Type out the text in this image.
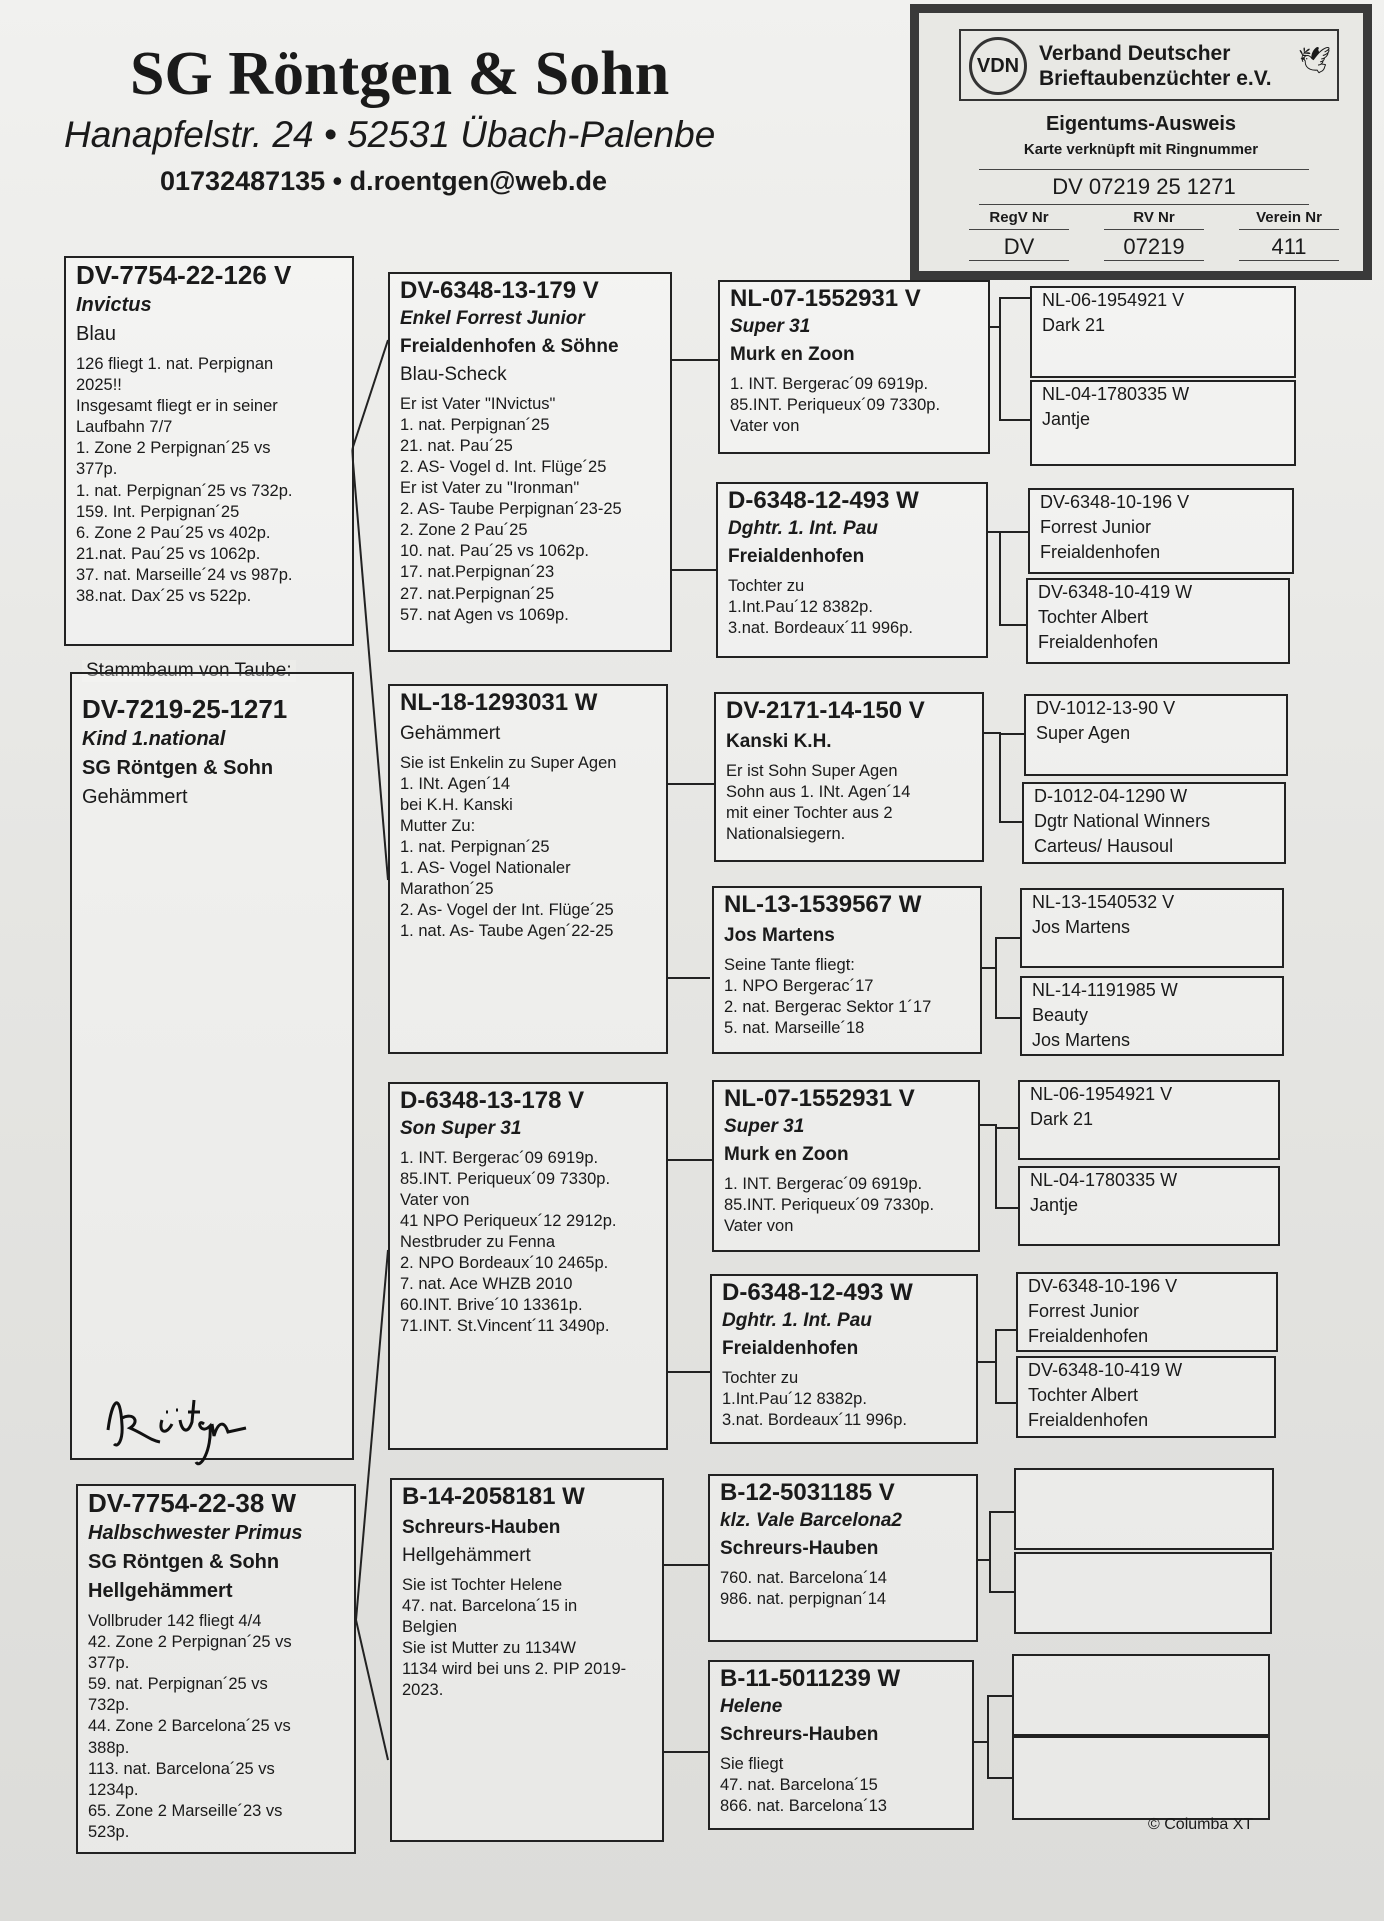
SG Röntgen & Sohn
Hanapfelstr. 24 • 52531 Übach-Palenbe
01732487135 • d.roentgen@web.de
VDN
Verband Deutscher
Brieftaubenzüchter e.V.
🕊
Eigentums-Ausweis
Karte verknüpft mit Ringnummer
DV 07219 25 1271
RegV Nr
DV
RV Nr
07219
Verein Nr
411
DV-7754-22-126 V
Invictus
Blau
126 fliegt 1. nat. Perpignan
2025!!
Insgesamt fliegt er in seiner
Laufbahn 7/7
1. Zone 2 Perpignan´25 vs
377p.
1. nat. Perpignan´25 vs 732p.
159. Int. Perpignan´25
6. Zone 2 Pau´25 vs 402p.
21.nat. Pau´25 vs 1062p.
37. nat. Marseille´24 vs 987p.
38.nat. Dax´25 vs 522p.
Stammbaum von Taube:
DV-7219-25-1271
Kind 1.national
SG Röntgen & Sohn
Gehämmert
DV-7754-22-38 W
Halbschwester Primus
SG Röntgen & Sohn
Hellgehämmert
Vollbruder 142 fliegt 4/4
42. Zone 2 Perpignan´25 vs
377p.
59. nat. Perpignan´25 vs
732p.
44. Zone 2 Barcelona´25 vs
388p.
113. nat. Barcelona´25 vs
1234p.
65. Zone 2 Marseille´23 vs
523p.
DV-6348-13-179 V
Enkel Forrest Junior
Freialdenhofen & Söhne
Blau-Scheck
Er ist Vater "INvictus"
1. nat. Perpignan´25
21. nat. Pau´25
2. AS- Vogel d. Int. Flüge´25
Er ist Vater zu "Ironman"
2. AS- Taube Perpignan´23-25
2. Zone 2 Pau´25
10. nat. Pau´25 vs 1062p.
17. nat.Perpignan´23
27. nat.Perpignan´25
57. nat Agen vs 1069p.
NL-18-1293031 W
Gehämmert
Sie ist Enkelin zu Super Agen
1. INt. Agen´14
bei K.H. Kanski
Mutter Zu:
1. nat. Perpignan´25
1. AS- Vogel Nationaler
Marathon´25
2. As- Vogel der Int. Flüge´25
1. nat. As- Taube Agen´22-25
D-6348-13-178 V
Son Super 31
1. INT. Bergerac´09 6919p.
85.INT. Periqueux´09 7330p.
Vater von
41 NPO Periqueux´12 2912p.
Nestbruder zu Fenna
2. NPO Bordeaux´10 2465p.
7. nat. Ace WHZB 2010
60.INT. Brive´10 13361p.
71.INT. St.Vincent´11 3490p.
B-14-2058181 W
Schreurs-Hauben
Hellgehämmert
Sie ist Tochter Helene
47. nat. Barcelona´15 in
Belgien
Sie ist Mutter zu 1134W
1134 wird bei uns 2. PIP 2019-
2023.
NL-07-1552931 V
Super 31
Murk en Zoon
1. INT. Bergerac´09 6919p.
85.INT. Periqueux´09 7330p.
Vater von
D-6348-12-493 W
Dghtr. 1. Int. Pau
Freialdenhofen
Tochter zu
1.Int.Pau´12 8382p.
3.nat. Bordeaux´11 996p.
DV-2171-14-150 V
Kanski K.H.
Er ist Sohn Super Agen
Sohn aus 1. INt. Agen´14
mit einer Tochter aus 2
Nationalsiegern.
NL-13-1539567 W
Jos Martens
Seine Tante fliegt:
1. NPO Bergerac´17
2. nat. Bergerac Sektor 1´17
5. nat. Marseille´18
NL-07-1552931 V
Super 31
Murk en Zoon
1. INT. Bergerac´09 6919p.
85.INT. Periqueux´09 7330p.
Vater von
D-6348-12-493 W
Dghtr. 1. Int. Pau
Freialdenhofen
Tochter zu
1.Int.Pau´12 8382p.
3.nat. Bordeaux´11 996p.
B-12-5031185 V
klz. Vale Barcelona2
Schreurs-Hauben
760. nat. Barcelona´14
986. nat. perpignan´14
B-11-5011239 W
Helene
Schreurs-Hauben
Sie fliegt
47. nat. Barcelona´15
866. nat. Barcelona´13
NL-06-1954921 V
Dark 21
NL-04-1780335 W
Jantje
DV-6348-10-196 V
Forrest Junior
Freialdenhofen
DV-6348-10-419 W
Tochter Albert
Freialdenhofen
DV-1012-13-90 V
Super Agen
D-1012-04-1290 W
Dgtr National Winners
Carteus/ Hausoul
NL-13-1540532 V
Jos Martens
NL-14-1191985 W
Beauty
Jos Martens
NL-06-1954921 V
Dark 21
NL-04-1780335 W
Jantje
DV-6348-10-196 V
Forrest Junior
Freialdenhofen
DV-6348-10-419 W
Tochter Albert
Freialdenhofen
© Columba XT
